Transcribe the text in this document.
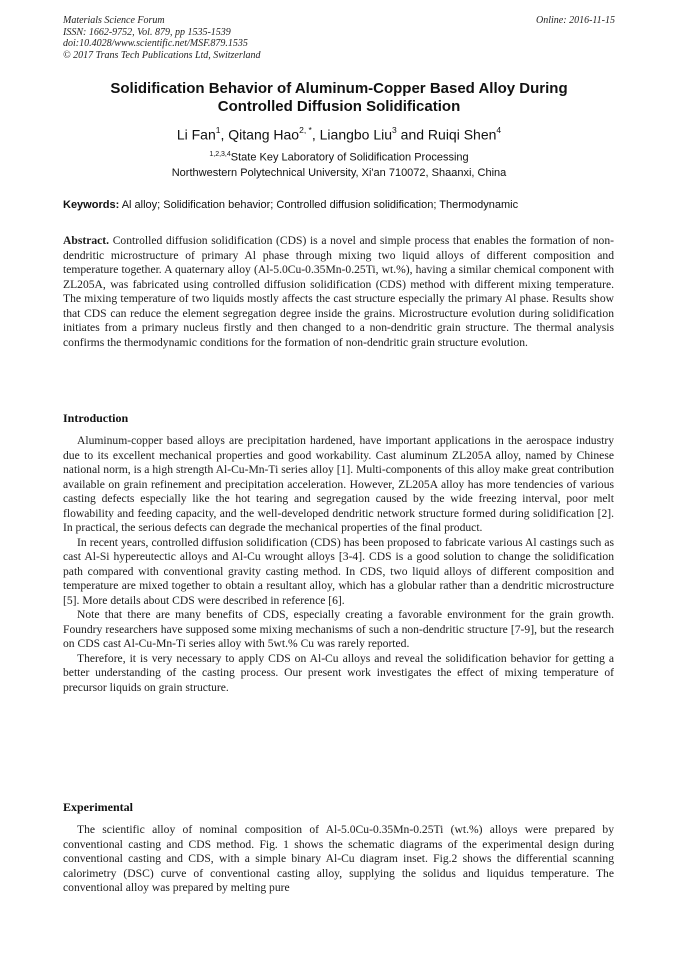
Materials Science Forum
ISSN: 1662-9752, Vol. 879, pp 1535-1539
doi:10.4028/www.scientific.net/MSF.879.1535
© 2017 Trans Tech Publications Ltd, Switzerland
Online: 2016-11-15
Solidification Behavior of Aluminum-Copper Based Alloy During
Controlled Diffusion Solidification
Li Fan$^1$, Qitang Hao$^{2, *}$, Liangbo Liu$^3$ and Ruiqi Shen$^4$
$^{1,2,3,4}$State Key Laboratory of Solidification Processing
Northwestern Polytechnical University, Xi'an 710072, Shaanxi, China
Keywords: Al alloy; Solidification behavior; Controlled diffusion solidification; Thermodynamic
Abstract. Controlled diffusion solidification (CDS) is a novel and simple process that enables the formation of non-dendritic microstructure of primary Al phase through mixing two liquid alloys of different composition and temperature together. A quaternary alloy (Al-5.0Cu-0.35Mn-0.25Ti, wt.%), having a similar chemical component with ZL205A, was fabricated using controlled diffusion solidification (CDS) method with different mixing temperature. The mixing temperature of two liquids mostly affects the cast structure especially the primary Al phase. Results show that CDS can reduce the element segregation degree inside the grains. Microstructure evolution during solidification initiates from a primary nucleus firstly and then changed to a non-dendritic grain structure. The thermal analysis confirms the thermodynamic conditions for the formation of non-dendritic grain structure evolution.
Introduction

Aluminum-copper based alloys are precipitation hardened, have important applications in the aerospace industry due to its excellent mechanical properties and good workability. Cast aluminum ZL205A alloy, named by Chinese national norm, is a high strength Al-Cu-Mn-Ti series alloy [1]. Multi-components of this alloy make great contribution available on grain refinement and precipitation acceleration. However, ZL205A alloy has more tendencies of various casting defects especially like the hot tearing and segregation caused by the wide freezing interval, poor melt flowability and feeding capacity, and the well-developed dendritic network structure formed during solidification [2]. In practical, the serious defects can degrade the mechanical properties of the final product.

In recent years, controlled diffusion solidification (CDS) has been proposed to fabricate various Al castings such as cast Al-Si hypereutectic alloys and Al-Cu wrought alloys [3-4]. CDS is a good solution to change the solidification path compared with conventional gravity casting method. In CDS, two liquid alloys of different composition and temperature are mixed together to obtain a resultant alloy, which has a globular rather than a dendritic microstructure [5]. More details about CDS were described in reference [6].

Note that there are many benefits of CDS, especially creating a favorable environment for the grain growth. Foundry researchers have supposed some mixing mechanisms of such a non-dendritic structure [7-9], but the research on CDS cast Al-Cu-Mn-Ti series alloy with 5wt.% Cu was rarely reported.

Therefore, it is very necessary to apply CDS on Al-Cu alloys and reveal the solidification behavior for getting a better understanding of the casting process. Our present work investigates the effect of mixing temperature of precursor liquids on grain structure.

Experimental

The scientific alloy of nominal composition of Al-5.0Cu-0.35Mn-0.25Ti (wt.%) alloys were prepared by conventional casting and CDS method. Fig. 1 shows the schematic diagrams of the experimental design during conventional casting and CDS, with a simple binary Al-Cu diagram inset. Fig.2 shows the differential scanning calorimetry (DSC) curve of conventional casting alloy, supplying the solidus and liquidus temperature. The conventional alloy was prepared by melting pure
